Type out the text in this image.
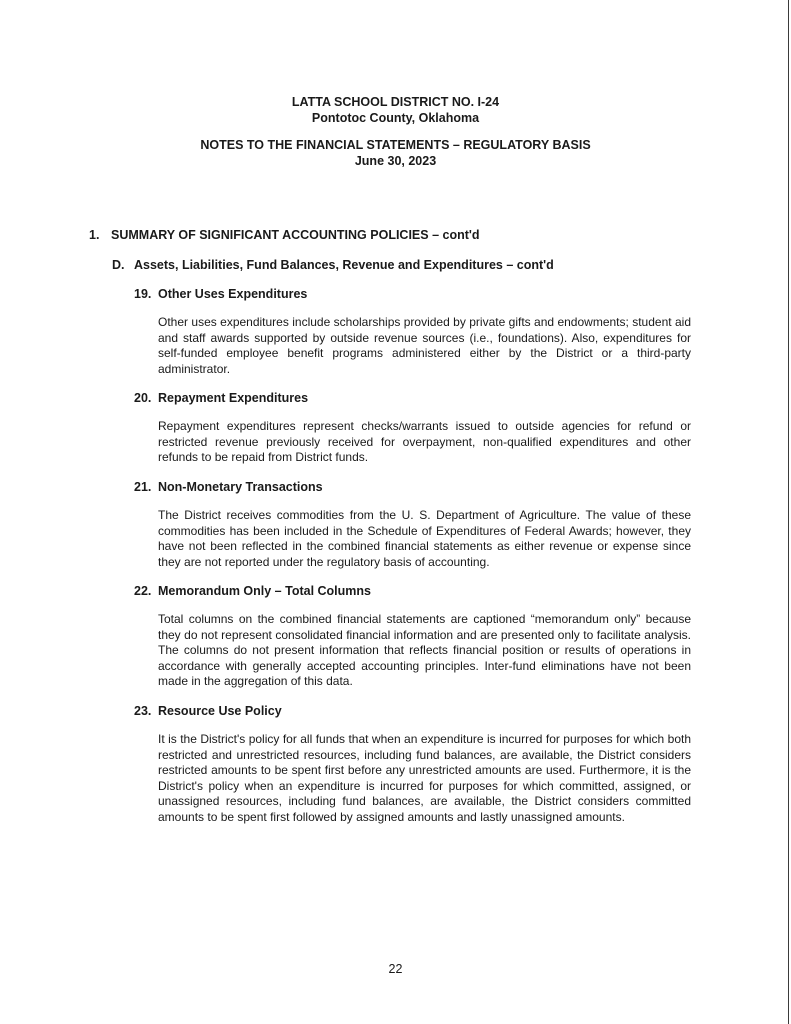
LATTA SCHOOL DISTRICT NO. I-24
Pontotoc County, Oklahoma
NOTES TO THE FINANCIAL STATEMENTS – REGULATORY BASIS
June 30, 2023
1. SUMMARY OF SIGNIFICANT ACCOUNTING POLICIES – cont'd
D. Assets, Liabilities, Fund Balances, Revenue and Expenditures – cont'd
19. Other Uses Expenditures

Other uses expenditures include scholarships provided by private gifts and endowments; student aid and staff awards supported by outside revenue sources (i.e., foundations). Also, expenditures for self-funded employee benefit programs administered either by the District or a third-party administrator.

20. Repayment Expenditures

Repayment expenditures represent checks/warrants issued to outside agencies for refund or restricted revenue previously received for overpayment, non-qualified expenditures and other refunds to be repaid from District funds.

21. Non-Monetary Transactions

The District receives commodities from the U. S. Department of Agriculture. The value of these commodities has been included in the Schedule of Expenditures of Federal Awards; however, they have not been reflected in the combined financial statements as either revenue or expense since they are not reported under the regulatory basis of accounting.

22. Memorandum Only – Total Columns

Total columns on the combined financial statements are captioned “memorandum only” because they do not represent consolidated financial information and are presented only to facilitate analysis. The columns do not present information that reflects financial position or results of operations in accordance with generally accepted accounting principles. Inter-fund eliminations have not been made in the aggregation of this data.

23. Resource Use Policy

It is the District's policy for all funds that when an expenditure is incurred for purposes for which both restricted and unrestricted resources, including fund balances, are available, the District considers restricted amounts to be spent first before any unrestricted amounts are used. Furthermore, it is the District's policy when an expenditure is incurred for purposes for which committed, assigned, or unassigned resources, including fund balances, are available, the District considers committed amounts to be spent first followed by assigned amounts and lastly unassigned amounts.

22
